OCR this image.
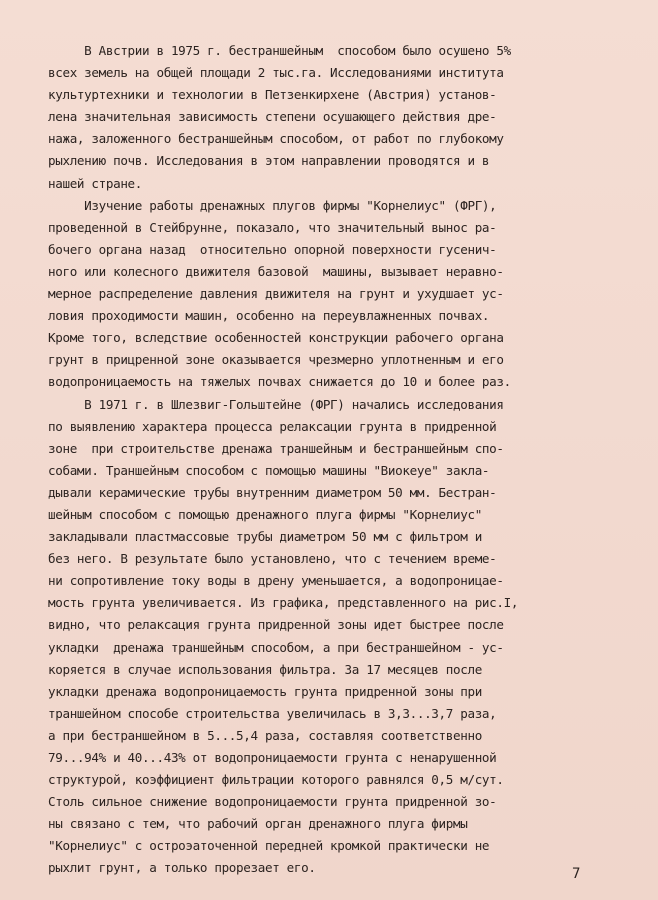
В Австрии в 1975 г. бестраншейным  способом было осушено 5%
всех земель на общей площади 2 тыс.га. Исследованиями института
культуртехники и технологии в Петзенкирхене (Австрия) установ-
лена значительная зависимость степени осушающего действия дре-
нажа, заложенного бестраншейным способом, от работ по глубокому
рыхлению почв. Исследования в этом направлении проводятся и в
нашей стране.
Изучение работы дренажных плугов фирмы "Корнелиус" (ФРГ),
проведенной в Стейбрунне, показало, что значительный вынос ра-
бочего органа назад  относительно опорной поверхности гусенич-
ного или колесного движителя базовой  машины, вызывает неравно-
мерное распределение давления движителя на грунт и ухудшает ус-
ловия проходимости машин, особенно на переувлажненных почвах.
Кроме того, вследствие особенностей конструкции рабочего органа
грунт в прицренной зоне оказывается чрезмерно уплотненным и его
водопроницаемость на тяжелых почвах снижается до 10 и более раз.
В 1971 г. в Шлезвиг-Гольштейне (ФРГ) начались исследования
по выявлению характера процесса релаксации грунта в придренной
зоне  при строительстве дренажа траншейным и бестраншейным спо-
собами. Траншейным способом с помощью машины "Виокеуе" закла-
дывали керамические трубы внутренним диаметром 50 мм. Бестран-
шейным способом с помощью дренажного плуга фирмы "Корнелиус"
закладывали пластмассовые трубы диаметром 50 мм с фильтром и
без него. В результате было установлено, что с течением време-
ни сопротивление току воды в дрену уменьшается, а водопроницае-
мость грунта увеличивается. Из графика, представленного на рис.I,
видно, что релаксация грунта придренной зоны идет быстрее после
укладки  дренажа траншейным способом, а при бестраншейном - ус-
коряется в случае использования фильтра. За 17 месяцев после
укладки дренажа водопроницаемость грунта придренной зоны при
траншейном способе строительства увеличилась в 3,3...3,7 раза,
а при бестраншейном в 5...5,4 раза, составляя соответственно
79...94% и 40...43% от водопроницаемости грунта с ненарушенной
структурой, коэффициент фильтрации которого равнялся 0,5 м/сут.
Столь сильное снижение водопроницаемости грунта придренной зо-
ны связано с тем, что рабочий орган дренажного плуга фирмы
"Корнелиус" с остроэаточенной передней кромкой практически не
рыхлит грунт, а только прорезает его.	7
